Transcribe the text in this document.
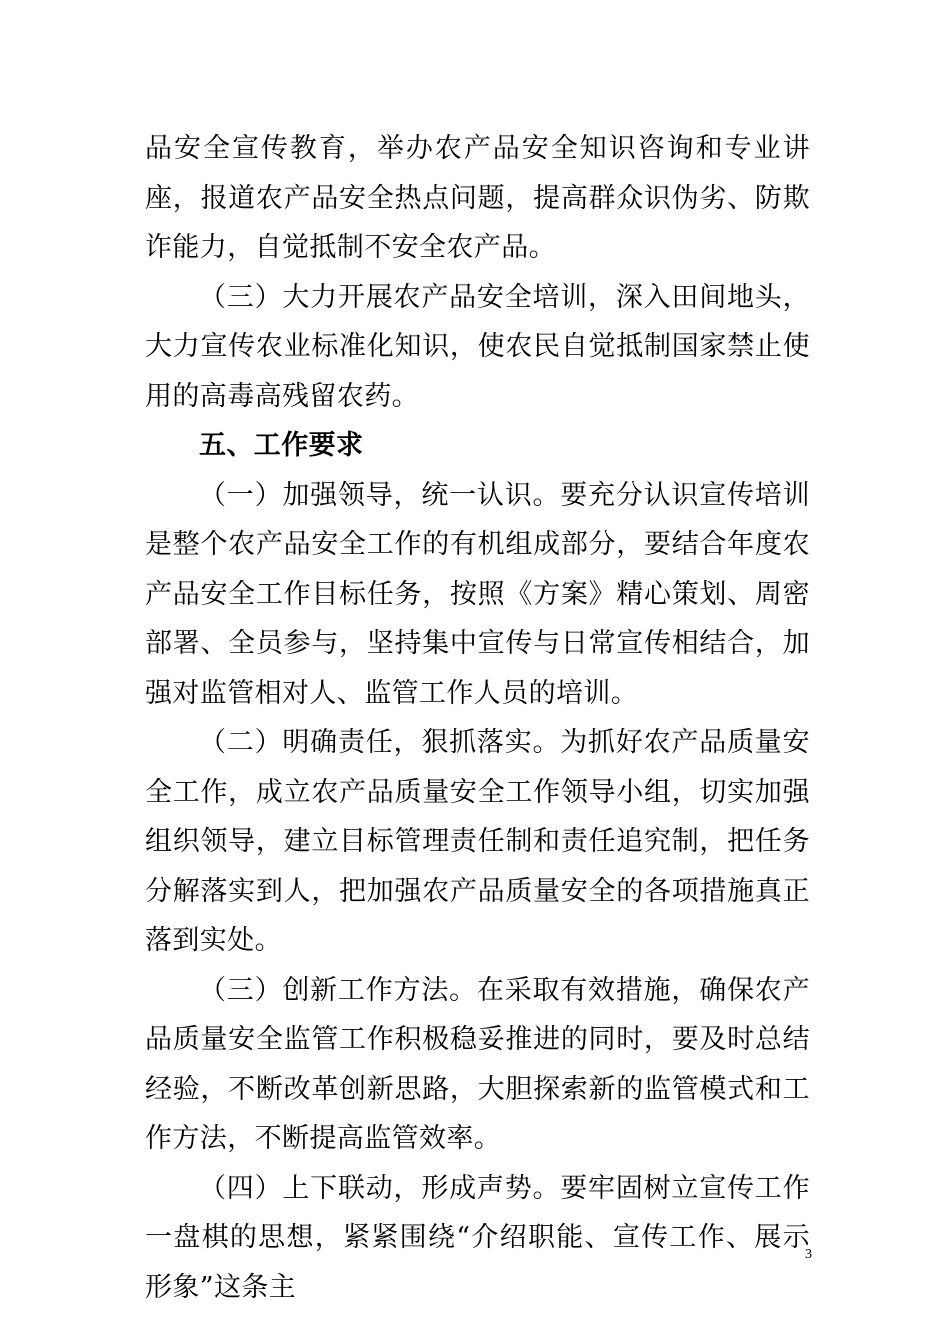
品安全宣传教育，举办农产品安全知识咨询和专业讲座，报道农产品安全热点问题，提高群众识伪劣、防欺诈能力，自觉抵制不安全农产品。

（三）大力开展农产品安全培训，深入田间地头，大力宣传农业标准化知识，使农民自觉抵制国家禁止使用的高毒高残留农药。

五、工作要求

（一）加强领导，统一认识。要充分认识宣传培训是整个农产品安全工作的有机组成部分，要结合年度农产品安全工作目标任务，按照《方案》精心策划、周密部署、全员参与，坚持集中宣传与日常宣传相结合，加强对监管相对人、监管工作人员的培训。

（二）明确责任，狠抓落实。为抓好农产品质量安全工作，成立农产品质量安全工作领导小组，切实加强组织领导，建立目标管理责任制和责任追究制，把任务分解落实到人，把加强农产品质量安全的各项措施真正落到实处。

（三）创新工作方法。在采取有效措施，确保农产品质量安全监管工作积极稳妥推进的同时，要及时总结经验，不断改革创新思路，大胆探索新的监管模式和工作方法，不断提高监管效率。

（四）上下联动，形成声势。要牢固树立宣传工作一盘棋的思想，紧紧围绕“介绍职能、宣传工作、展示形象”这条主

3
